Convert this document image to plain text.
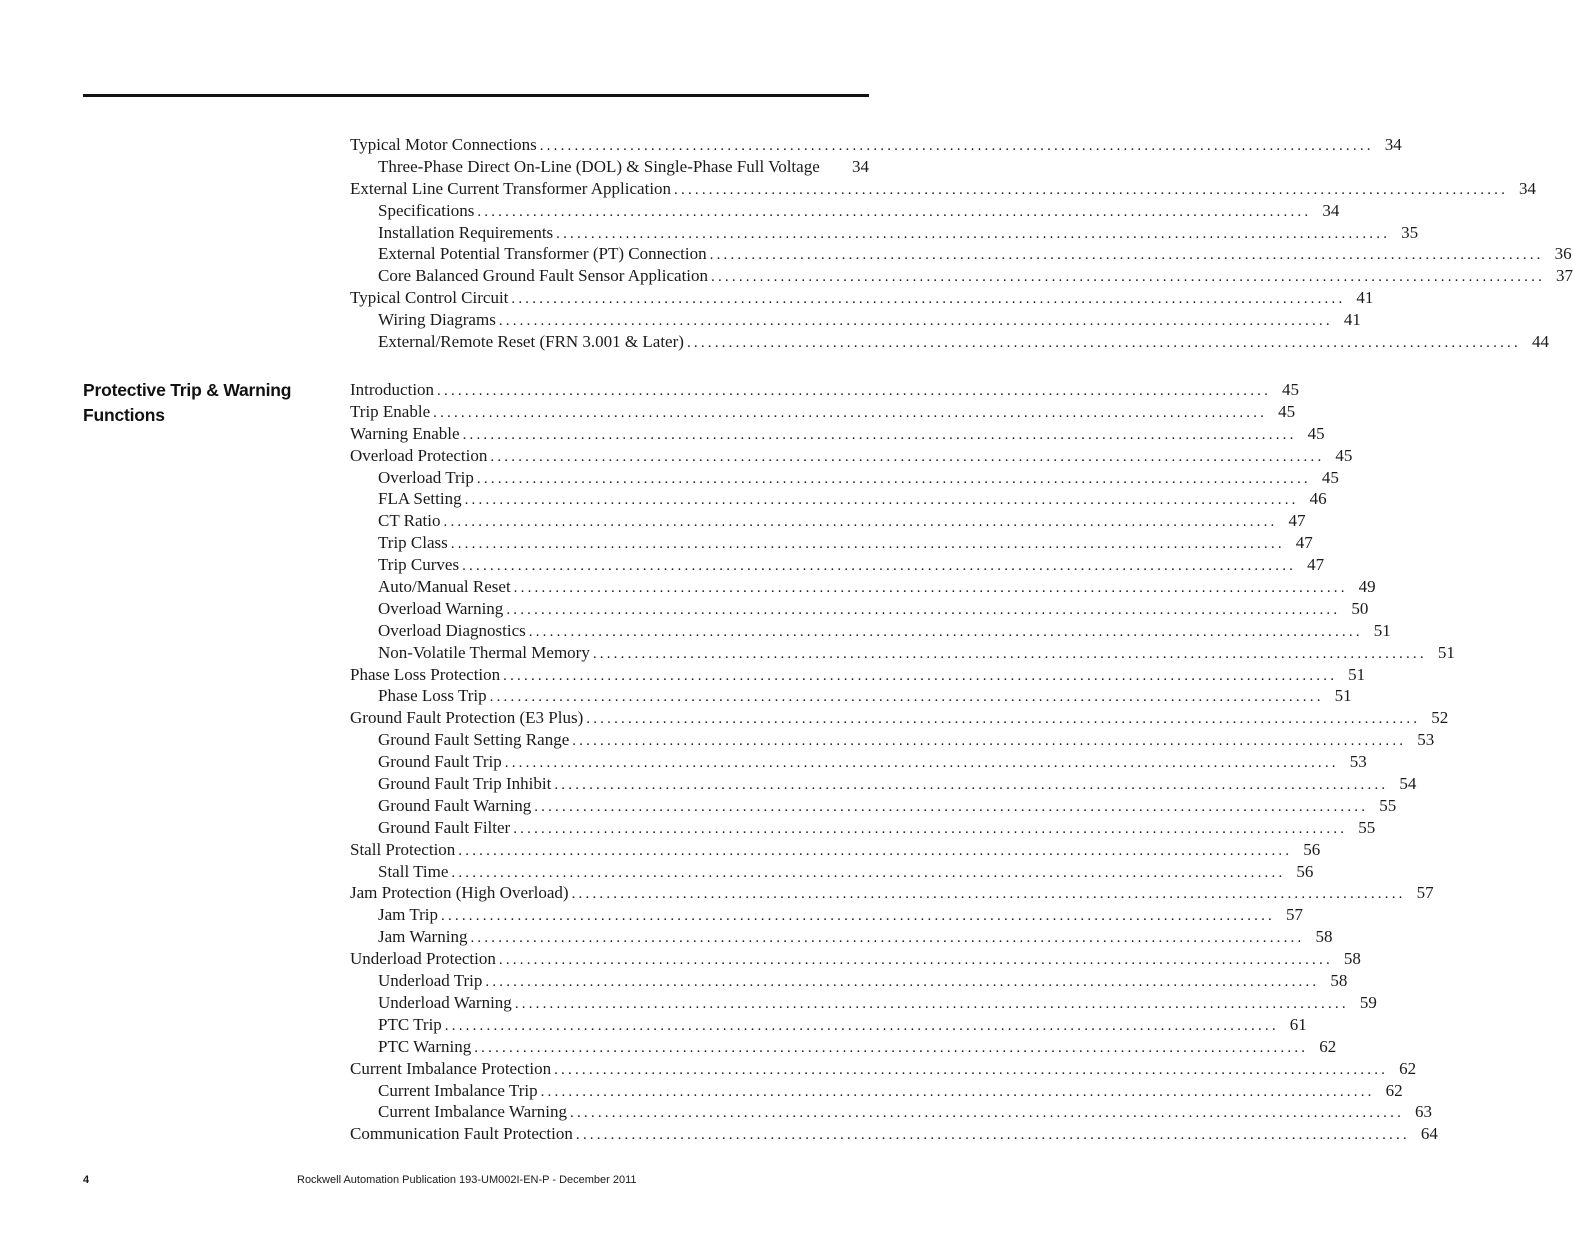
Typical Motor Connections ........................................................................................................................ 34
Three-Phase Direct On-Line (DOL) & Single-Phase Full Voltage 34
External Line Current Transformer Application ........................................................................................................................ 34
Specifications ........................................................................................................................ 34
Installation Requirements ........................................................................................................................ 35
External Potential Transformer (PT) Connection ........................................................................................................................ 36
Core Balanced Ground Fault Sensor Application ........................................................................................................................ 37
Typical Control Circuit ........................................................................................................................ 41
Wiring Diagrams ........................................................................................................................ 41
External/Remote Reset (FRN 3.001 & Later) ........................................................................................................................ 44
Protective Trip & Warning Functions
Introduction ........................................................................................................................ 45
Trip Enable ........................................................................................................................ 45
Warning Enable ........................................................................................................................ 45
Overload Protection ........................................................................................................................ 45
Overload Trip ........................................................................................................................ 45
FLA Setting ........................................................................................................................ 46
CT Ratio ........................................................................................................................ 47
Trip Class ........................................................................................................................ 47
Trip Curves ........................................................................................................................ 47
Auto/Manual Reset ........................................................................................................................ 49
Overload Warning ........................................................................................................................ 50
Overload Diagnostics ........................................................................................................................ 51
Non-Volatile Thermal Memory ........................................................................................................................ 51
Phase Loss Protection ........................................................................................................................ 51
Phase Loss Trip ........................................................................................................................ 51
Ground Fault Protection (E3 Plus) ........................................................................................................................ 52
Ground Fault Setting Range ........................................................................................................................ 53
Ground Fault Trip ........................................................................................................................ 53
Ground Fault Trip Inhibit ........................................................................................................................ 54
Ground Fault Warning ........................................................................................................................ 55
Ground Fault Filter ........................................................................................................................ 55
Stall Protection ........................................................................................................................ 56
Stall Time ........................................................................................................................ 56
Jam Protection (High Overload) ........................................................................................................................ 57
Jam Trip ........................................................................................................................ 57
Jam Warning ........................................................................................................................ 58
Underload Protection ........................................................................................................................ 58
Underload Trip ........................................................................................................................ 58
Underload Warning ........................................................................................................................ 59
PTC Trip ........................................................................................................................ 61
PTC Warning ........................................................................................................................ 62
Current Imbalance Protection ........................................................................................................................ 62
Current Imbalance Trip ........................................................................................................................ 62
Current Imbalance Warning ........................................................................................................................ 63
Communication Fault Protection ........................................................................................................................ 64
4	Rockwell Automation Publication 193-UM002I-EN-P - December 2011
